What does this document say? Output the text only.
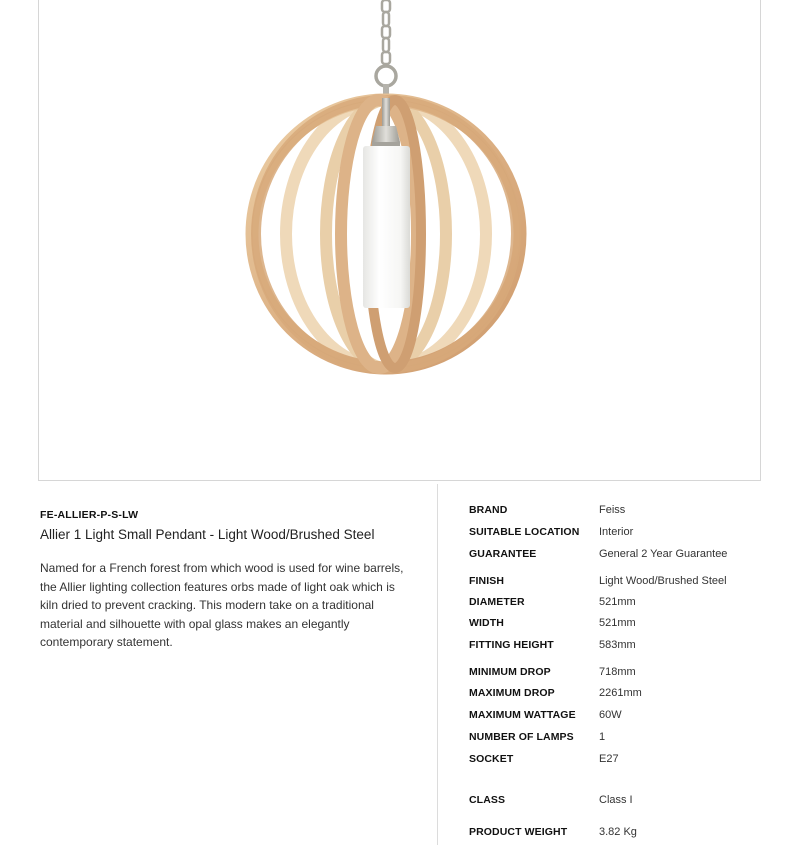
FE-ALLIER-P-S-LW
Allier 1 Light Small Pendant - Light Wood/Brushed Steel
Named for a French forest from which wood is used for wine barrels, the Allier lighting collection features orbs made of light oak which is kiln dried to prevent cracking. This modern take on a traditional material and silhouette with opal glass makes an elegantly contemporary statement.
BRAND	Feiss
SUITABLE LOCATION Interior
GUARANTEE	General 2 Year Guarantee
FINISH	Light Wood/Brushed Steel
DIAMETER	521mm
WIDTH	521mm
FITTING HEIGHT	583mm
MINIMUM DROP	718mm
MAXIMUM DROP	2261mm
MAXIMUM WATTAGE 60W
NUMBER OF LAMPS 1
SOCKET	E27
CLASS	Class I
PRODUCT WEIGHT	3.82 Kg
